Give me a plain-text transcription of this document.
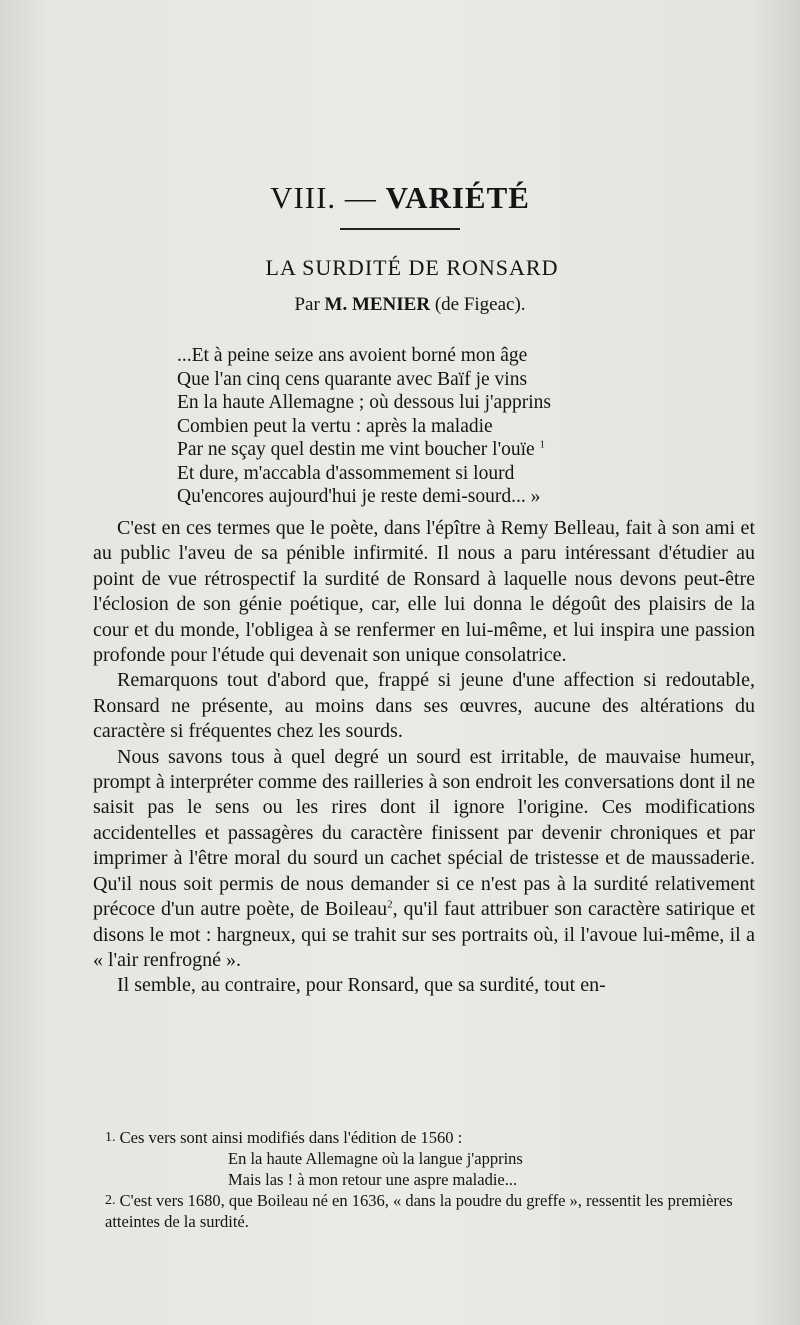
VIII. — VARIÉTÉ
LA SURDITÉ DE RONSARD
Par M. MENIER (de Figeac).
...Et à peine seize ans avoient borné mon âge
Que l'an cinq cens quarante avec Baïf je vins
En la haute Allemagne ; où dessous lui j'apprins
Combien peut la vertu : après la maladie
Par ne sçay quel destin me vint boucher l'ouïe $^1$
Et dure, m'accabla d'assommement si lourd
Qu'encores aujourd'hui je reste demi-sourd... »

C'est en ces termes que le poète, dans l'épître à Remy Belleau, fait à son ami et au public l'aveu de sa pénible infirmité. Il nous a paru intéressant d'étudier au point de vue rétrospectif la surdité de Ronsard à laquelle nous devons peut-être l'éclosion de son génie poétique, car, elle lui donna le dégoût des plaisirs de la cour et du monde, l'obligea à se renfermer en lui-même, et lui inspira une passion profonde pour l'étude qui devenait son unique consolatrice.

Remarquons tout d'abord que, frappé si jeune d'une affection si redoutable, Ronsard ne présente, au moins dans ses œuvres, aucune des altérations du caractère si fréquentes chez les sourds.

Nous savons tous à quel degré un sourd est irritable, de mauvaise humeur, prompt à interpréter comme des railleries à son endroit les conversations dont il ne saisit pas le sens ou les rires dont il ignore l'origine. Ces modifications accidentelles et passagères du caractère finissent par devenir chroniques et par imprimer à l'être moral du sourd un cachet spécial de tristesse et de maussaderie. Qu'il nous soit permis de nous demander si ce n'est pas à la surdité relativement précoce d'un autre poète, de Boileau$^2$, qu'il faut attribuer son caractère satirique et disons le mot : hargneux, qui se trahit sur ses portraits où, il l'avoue lui-même, il a « l'air renfrogné ».

Il semble, au contraire, pour Ronsard, que sa surdité, tout en-

1. Ces vers sont ainsi modifiés dans l'édition de 1560 :

En la haute Allemagne où la langue j'apprins

Mais las ! à mon retour une aspre maladie...

2. C'est vers 1680, que Boileau né en 1636, « dans la poudre du greffe », ressentit les premières atteintes de la surdité.
